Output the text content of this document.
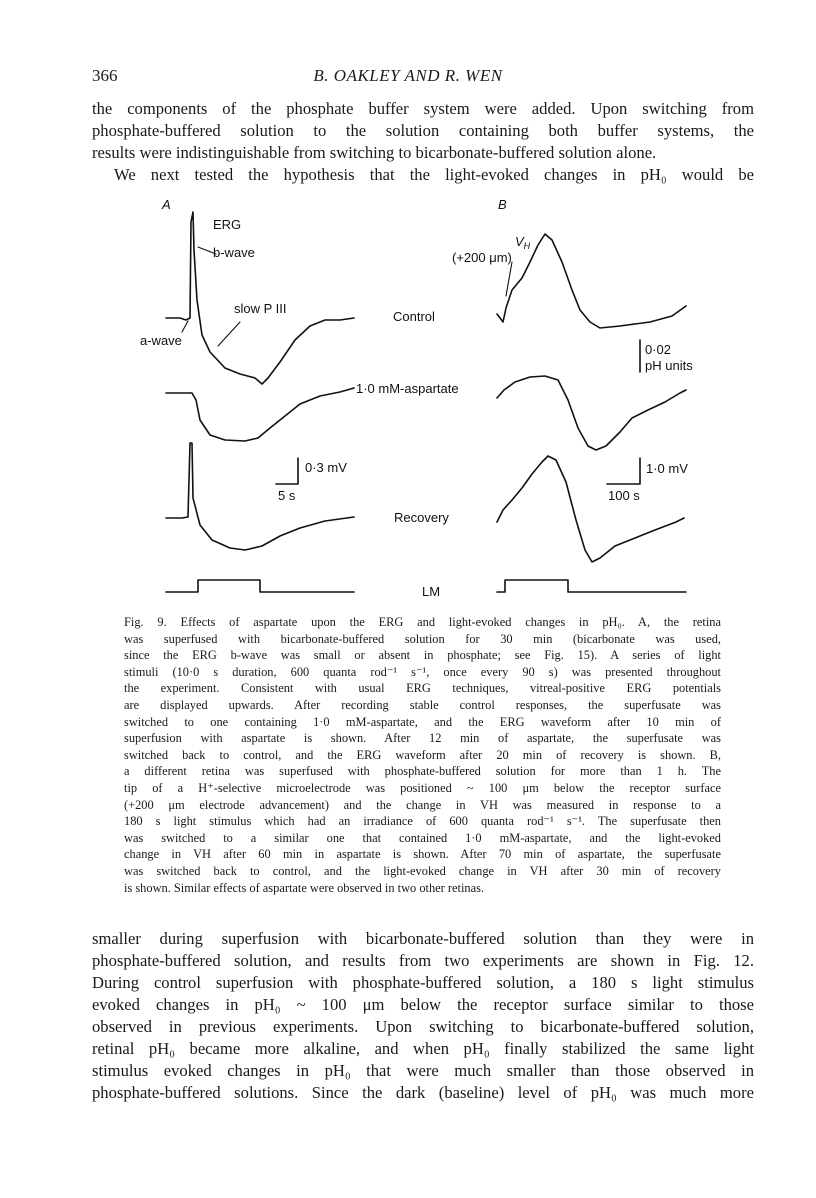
366	B. OAKLEY AND R. WEN
the components of the phosphate buffer system were added. Upon switching from
phosphate-buffered solution to the solution containing both buffer systems, the
results were indistinguishable from switching to bicarbonate-buffered solution alone.
We next tested the hypothesis that the light-evoked changes in pH₀ would be
A	B
ERG
b-wave
slow P III
a-wave
$V_H$
(+200 μm)
Control
1·0 mM-aspartate
Recovery
LM
0·3 mV
5 s
0·02
pH units
1·0 mV
100 s
Fig. 9. Effects of aspartate upon the ERG and light-evoked changes in pH₀. A, the retina
was superfused with bicarbonate-buffered solution for 30 min (bicarbonate was used,
since the ERG b-wave was small or absent in phosphate; see Fig. 15). A series of light
stimuli (10·0 s duration, 600 quanta rod⁻¹ s⁻¹, once every 90 s) was presented throughout
the experiment. Consistent with usual ERG techniques, vitreal-positive ERG potentials
are displayed upwards. After recording stable control responses, the superfusate was
switched to one containing 1·0 mM-aspartate, and the ERG waveform after 10 min of
superfusion with aspartate is shown. After 12 min of aspartate, the superfusate was
switched back to control, and the ERG waveform after 20 min of recovery is shown. B,
a different retina was superfused with phosphate-buffered solution for more than 1 h. The
tip of a H⁺-selective microelectrode was positioned ~ 100 μm below the receptor surface
(+200 μm electrode advancement) and the change in VH was measured in response to a
180 s light stimulus which had an irradiance of 600 quanta rod⁻¹ s⁻¹. The superfusate then
was switched to a similar one that contained 1·0 mM-aspartate, and the light-evoked
change in VH after 60 min in aspartate is shown. After 70 min of aspartate, the superfusate
was switched back to control, and the light-evoked change in VH after 30 min of recovery
is shown. Similar effects of aspartate were observed in two other retinas.
smaller during superfusion with bicarbonate-buffered solution than they were in
phosphate-buffered solution, and results from two experiments are shown in Fig. 12.
During control superfusion with phosphate-buffered solution, a 180 s light stimulus
evoked changes in pH₀ ~ 100 μm below the receptor surface similar to those
observed in previous experiments. Upon switching to bicarbonate-buffered solution,
retinal pH₀ became more alkaline, and when pH₀ finally stabilized the same light
stimulus evoked changes in pH₀ that were much smaller than those observed in
phosphate-buffered solutions. Since the dark (baseline) level of pH₀ was much more
